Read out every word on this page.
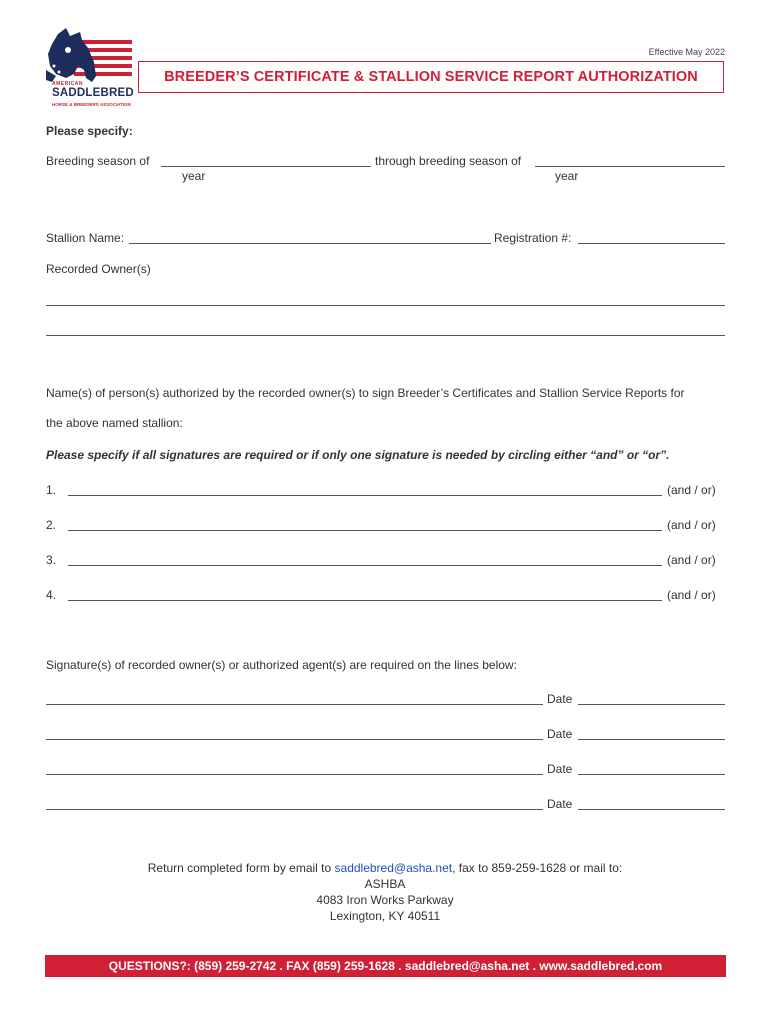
AMERICAN
SADDLEBRED
HORSE & BREEDERS ASSOCIATION
Effective May 2022
BREEDER’S CERTIFICATE & STALLION SERVICE REPORT AUTHORIZATION
Please specify:
Breeding season of	through breeding season of
year	year
Stallion Name:	Registration #:
Recorded Owner(s)
Name(s) of person(s) authorized by the recorded owner(s) to sign Breeder’s Certificates and Stallion Service Reports for
the above named stallion:
Please specify if all signatures are required or if only one signature is needed by circling either “and” or “or”.
1.	(and / or)
2.	(and / or)
3.	(and / or)
4.	(and / or)
Signature(s) of recorded owner(s) or authorized agent(s) are required on the lines below:
Date
Date
Date
Date
Return completed form by email to saddlebred@asha.net, fax to 859-259-1628 or mail to:
ASHBA
4083 Iron Works Parkway
Lexington, KY 40511
QUESTIONS?: (859) 259-2742 . FAX (859) 259-1628 . saddlebred@asha.net . www.saddlebred.com
